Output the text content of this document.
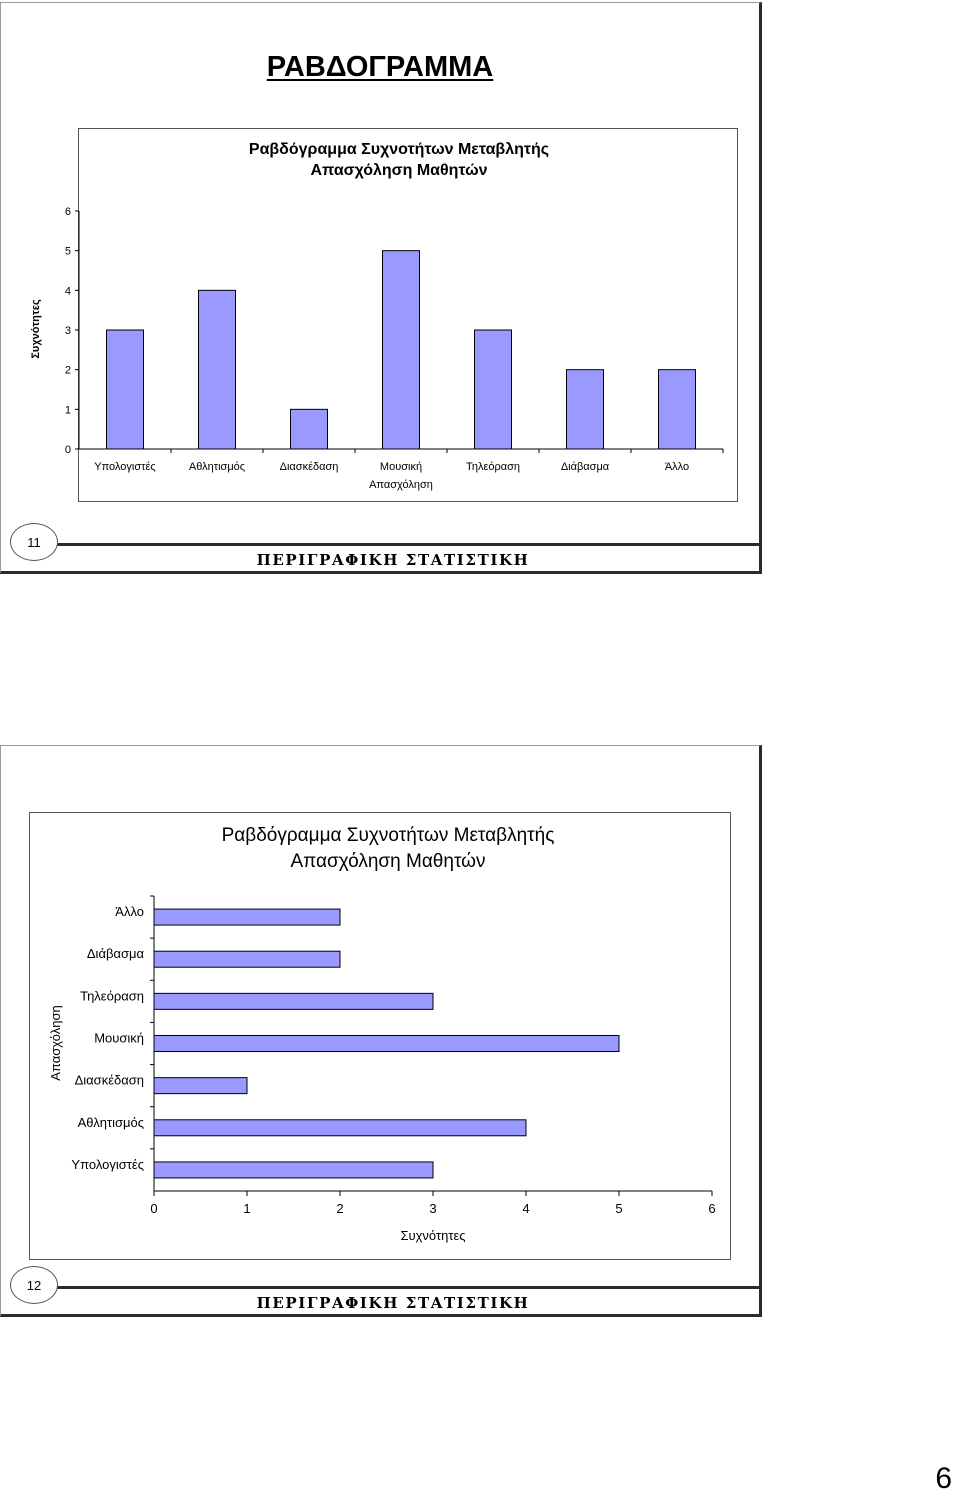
ΡΑΒΔΟΓΡΑΜΜΑ
Ραβδόγραμμα Συχνοτήτων Μεταβλητής
Απασχόληση Μαθητών
0
1
2
3
4
5
6
Υπολογιστές	Αθλητισμός	Διασκέδαση	Μουσική	Τηλεόραση	Διάβασμα	Άλλο
Απασχόληση
Συχνότητες
ΠΕΡΙΓΡΑΦΙΚΗ ΣΤΑΤΙΣΤΙΚΗ
11
ΠΕΡΙΓΡΑΦΙΚΗ ΣΤΑΤΙΣΤΙΚΗ
12
Ραβδόγραμμα Συχνοτήτων Μεταβλητής
Απασχόληση Μαθητών
Υπολογιστές
Αθλητισμός
Διασκέδαση
Μουσική
Τηλεόραση
Διάβασμα
Άλλο
0	1	2	3	4	5	6
Συχνότητες
Απασχόληση
6
